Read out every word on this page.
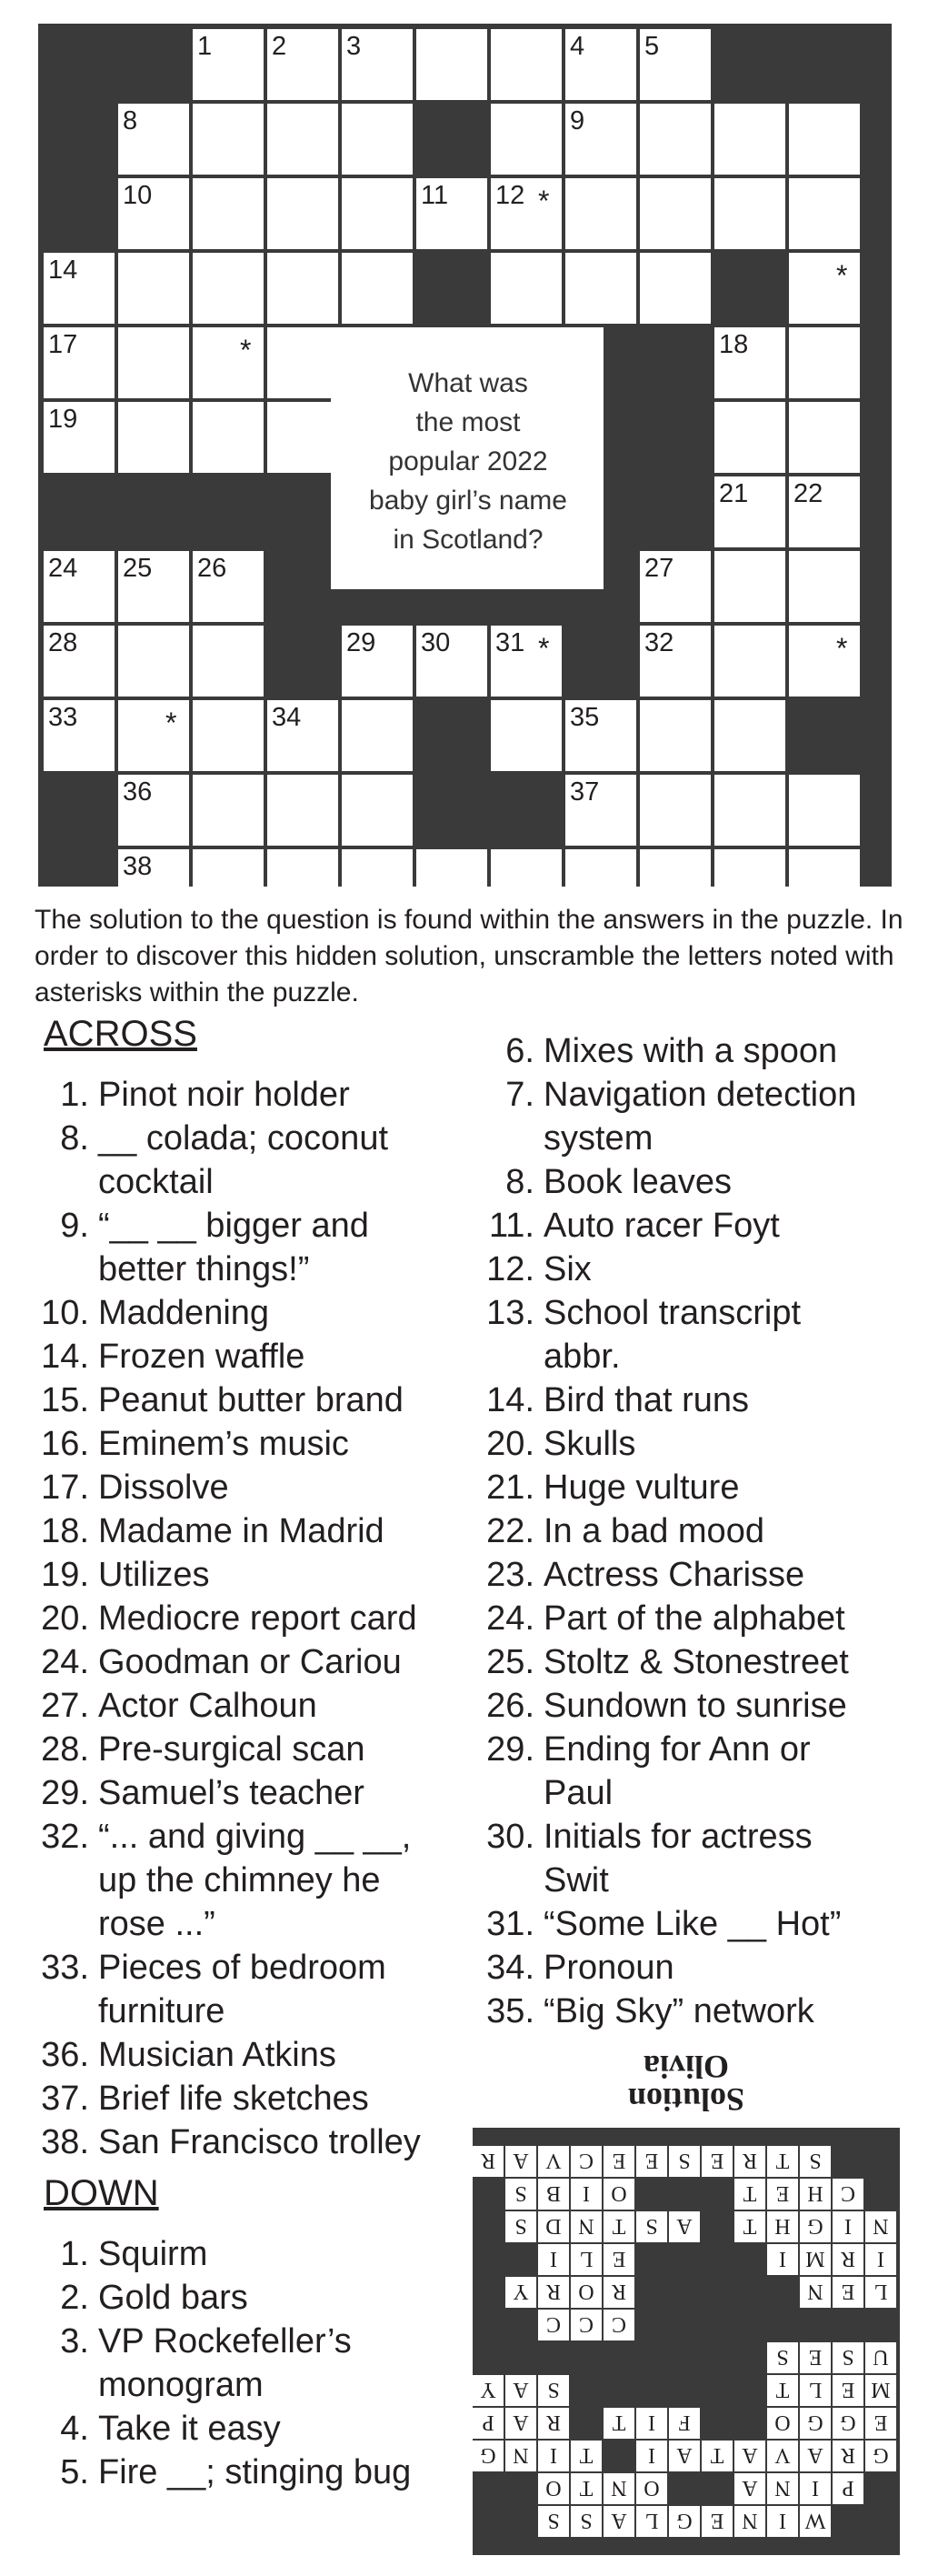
1 2 3	4 5
8	9
10	11 12 *
14	*
17	*	18
19
21 22
24 25 26	27
28	29 30 31 *	32	*
33	*	34	35
36	37
38
What was
the most
popular 2022
baby girl’s name
in Scotland?
The solution to the question is found within the answers in the puzzle. In order to discover this hidden solution, unscramble the letters noted with asterisks within the puzzle.
ACROSS
1. Pinot noir holder
8. __ colada; coconut
cocktail
9. “__ __ bigger and
better things!”
10. Maddening
14. Frozen waffle
15. Peanut butter brand
16. Eminem’s music
17. Dissolve
18. Madame in Madrid
19. Utilizes
20. Mediocre report card
24. Goodman or Cariou
27. Actor Calhoun
28. Pre-surgical scan
29. Samuel’s teacher
32. “... and giving __ __,
up the chimney he
rose ...”
33. Pieces of bedroom
furniture
36. Musician Atkins
37. Brief life sketches
38. San Francisco trolley
DOWN
1. Squirm
2. Gold bars
3. VP Rockefeller’s
monogram
4. Take it easy
5. Fire __; stinging bug
6. Mixes with a spoon
7. Navigation detection
system
8. Book leaves
11. Auto racer Foyt
12. Six
13. School transcript
abbr.
14. Bird that runs
20. Skulls
21. Huge vulture
22. In a bad mood
23. Actress Charisse
24. Part of the alphabet
25. Stoltz & Stonestreet
26. Sundown to sunrise
29. Ending for Ann or
Paul
30. Initials for actress
Swit
31. “Some Like __ Hot”
34. Pronoun
35. “Big Sky” network
Solution
Olivia
W
I
N
E
G
L
A
S
S
P
I
N
A
O
N
T
O
G
R
A
V
A
T
A
I
T
I
N
G
E
G
G
O
F
I
T
R
A
P
M
E
L
T
S
A
Y
U
S
E
S
C
C
C
L
E
N
R
O
R
Y
I
R
M
I
E
L
I
N
I
G
H
T
A
S
T
N
D
S
C
H
E
T
O
I
B
S
S
T
R
E
S
E
E
C
V
A
R
